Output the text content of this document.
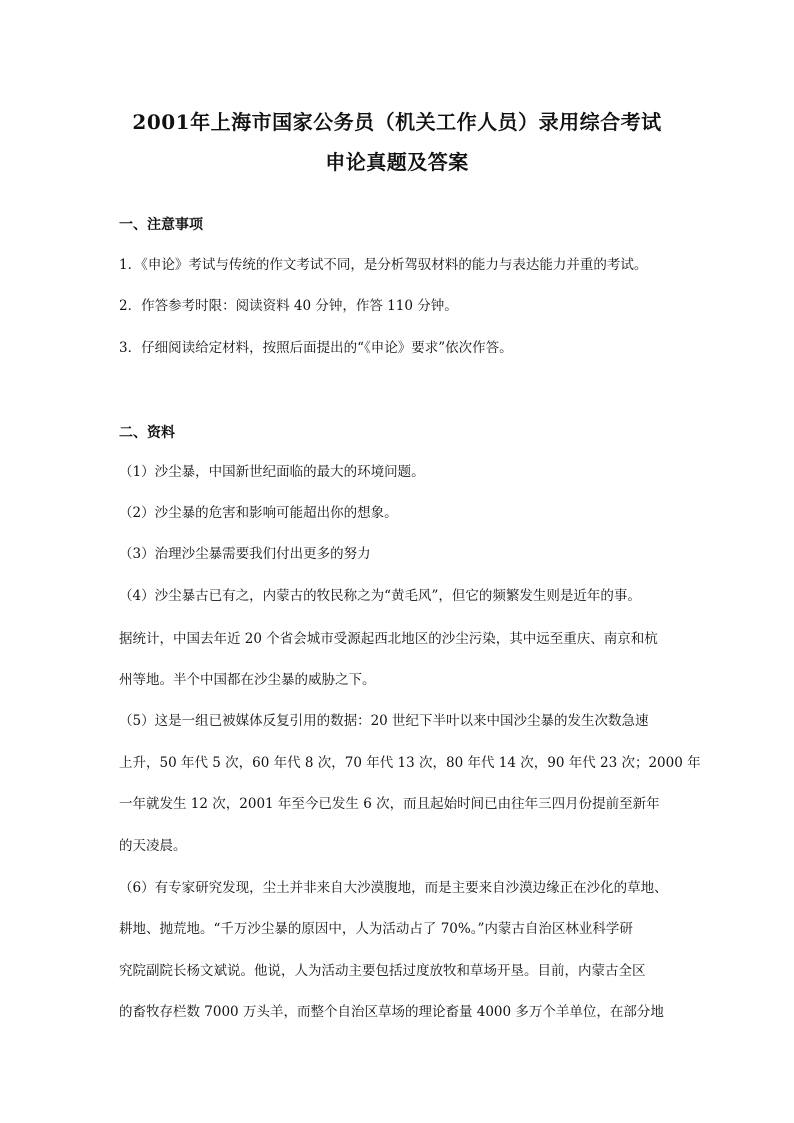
2001年上海市国家公务员（机关工作人员）录用综合考试
申论真题及答案
一、注意事项
1．《申论》考试与传统的作文考试不同，是分析驾驭材料的能力与表达能力并重的考试。
2．作答参考时限：阅读资料 40 分钟，作答 110 分钟。
3．仔细阅读给定材料，按照后面提出的“《申论》要求”依次作答。
二、资料
（1）沙尘暴，中国新世纪面临的最大的环境问题。
（2）沙尘暴的危害和影响可能超出你的想象。
（3）治理沙尘暴需要我们付出更多的努力
（4）沙尘暴古已有之，内蒙古的牧民称之为“黄毛风”，但它的频繁发生则是近年的事。
据统计，中国去年近 20 个省会城市受源起西北地区的沙尘污染，其中远至重庆、南京和杭
州等地。半个中国都在沙尘暴的威胁之下。
（5）这是一组已被媒体反复引用的数据：20 世纪下半叶以来中国沙尘暴的发生次数急速
上升，50 年代 5 次，60 年代 8 次，70 年代 13 次，80 年代 14 次，90 年代 23 次；2000 年
一年就发生 12 次，2001 年至今已发生 6 次，而且起始时间已由往年三四月份提前至新年
的天凌晨。
（6）有专家研究发现，尘土并非来自大沙漠腹地，而是主要来自沙漠边缘正在沙化的草地、
耕地、抛荒地。“千万沙尘暴的原因中，人为活动占了 70%。”内蒙古自治区林业科学研
究院副院长杨文斌说。他说，人为活动主要包括过度放牧和草场开垦。目前，内蒙古全区
的畜牧存栏数 7000 万头羊，而整个自治区草场的理论畜量 4000 多万个羊单位，在部分地
